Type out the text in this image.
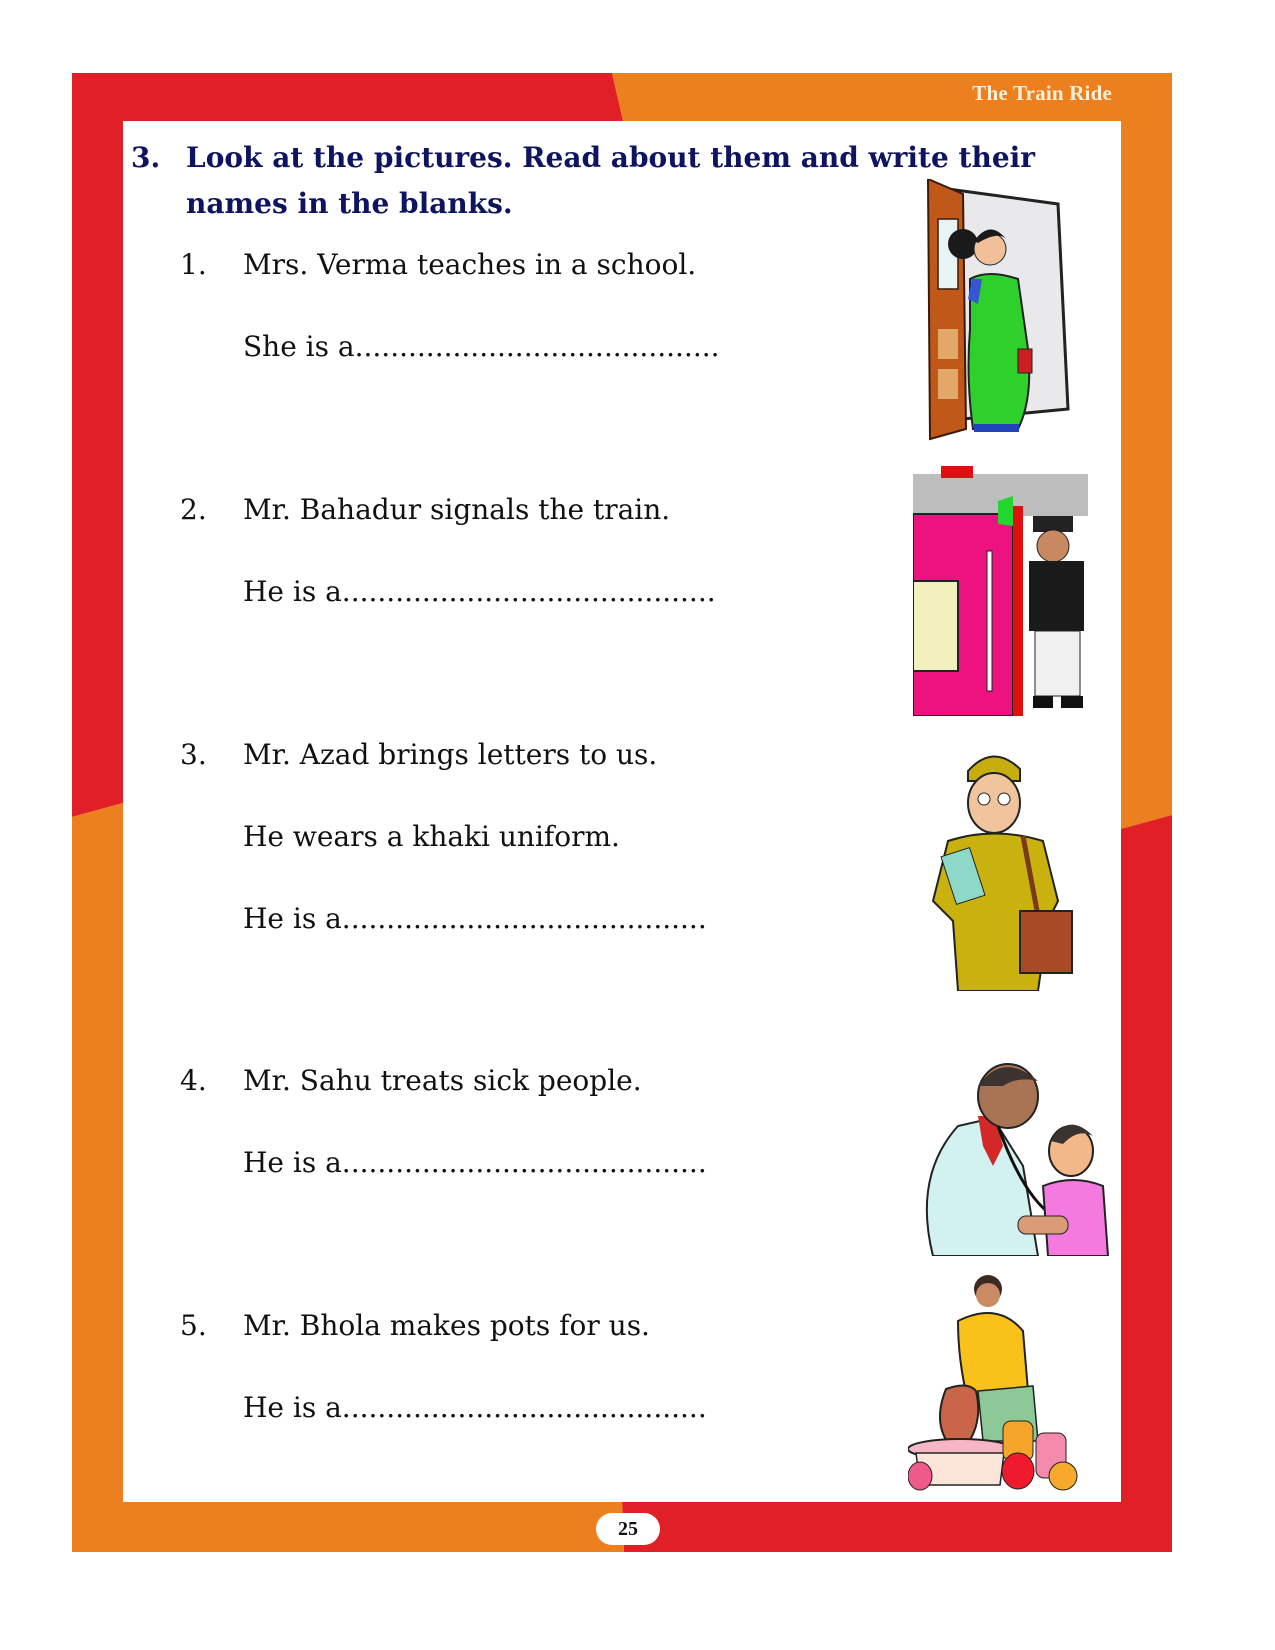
The Train Ride
3. Look at the pictures. Read about them and write their names in the blanks.
1. Mrs. Verma teaches in a school.
She is a.........................................
2. Mr. Bahadur signals the train.
He is a..........................................
3. Mr. Azad brings letters to us.
He wears a khaki uniform.
He is a.........................................
4. Mr. Sahu treats sick people.
He is a.........................................
5. Mr. Bhola makes pots for us.
He is a.........................................
25
